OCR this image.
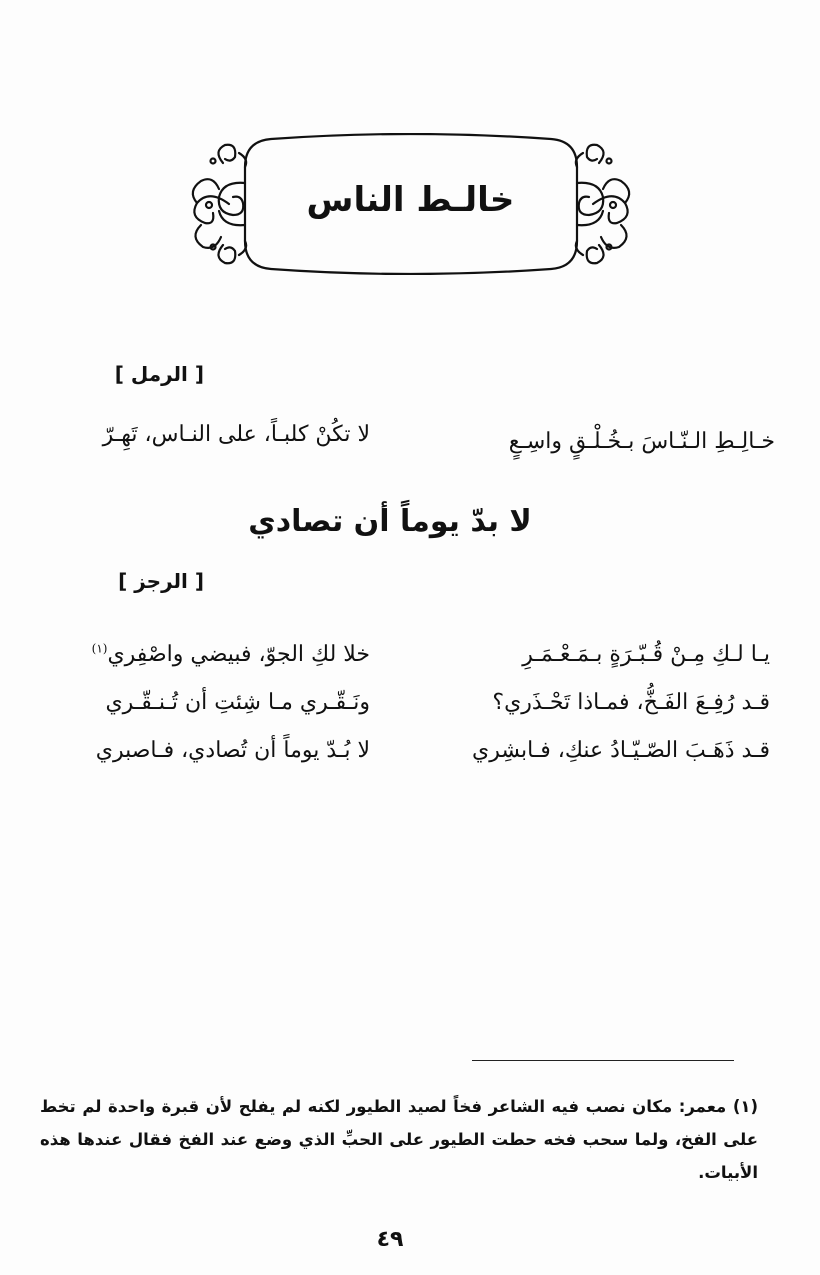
خالـط الناس
[ الرمل ]
خـالِـطِ الـنّـاسَ بـخُـلْـقٍ واسِـعٍ
لا تكُنْ كلبـاً، على النـاس، تَهِـرّ
لا بدّ يوماً أن تصادي
[ الرجز ]
يـا لـكِ مِـنْ قُـبّـرَةٍ بـمَـعْـمَـرِ
خلا لكِ الجوّ، فبيضي واصْفِري$^{(١)}$
قـد رُفِـعَ الفَـخُّ، فمـاذا تَحْـذَري؟
ونَـقّـري مـا شِئتِ أن تُـنـقّـري
قـد ذَهَـبَ الصّـيّـادُ عنكِ، فـابشِري
لا بُـدّ يوماً أن تُصادي، فـاصبري
(١) معمر: مكان نصب فيه الشاعر فخاً لصيد الطيور لكنه لم يفلح لأن قبرة واحدة لم تخط على الفخ، ولما سحب فخه حطت الطيور على الحبِّ الذي وضع عند الفخ فقال عندها هذه الأبيات.
٤٩
